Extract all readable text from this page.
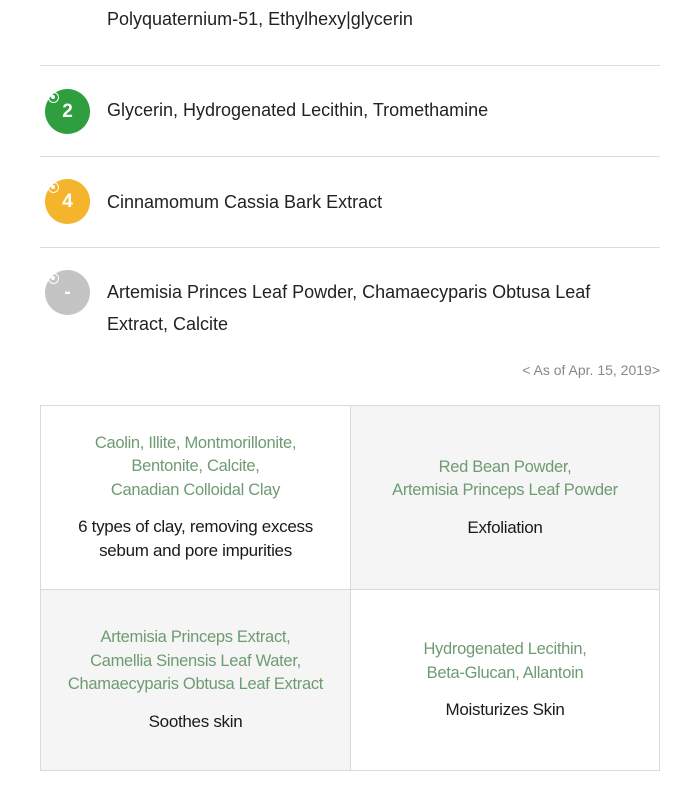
Polyquaternium-51, Ethylhexy|glycerin
2 Glycerin, Hydrogenated Lecithin, Tromethamine
4 Cinnamomum Cassia Bark Extract
- Artemisia Princes Leaf Powder, Chamaecyparis Obtusa Leaf Extract, Calcite
< As of Apr. 15, 2019>
Caolin, Illite, Montmorillonite,
Bentonite, Calcite,
Canadian Colloidal Clay
6 types of clay, removing excess
sebum and pore impurities
Red Bean Powder,
Artemisia Princeps Leaf Powder
Exfoliation
Artemisia Princeps Extract,
Camellia Sinensis Leaf Water,
Chamaecyparis Obtusa Leaf Extract
Soothes skin
Hydrogenated Lecithin,
Beta-Glucan, Allantoin
Moisturizes Skin
